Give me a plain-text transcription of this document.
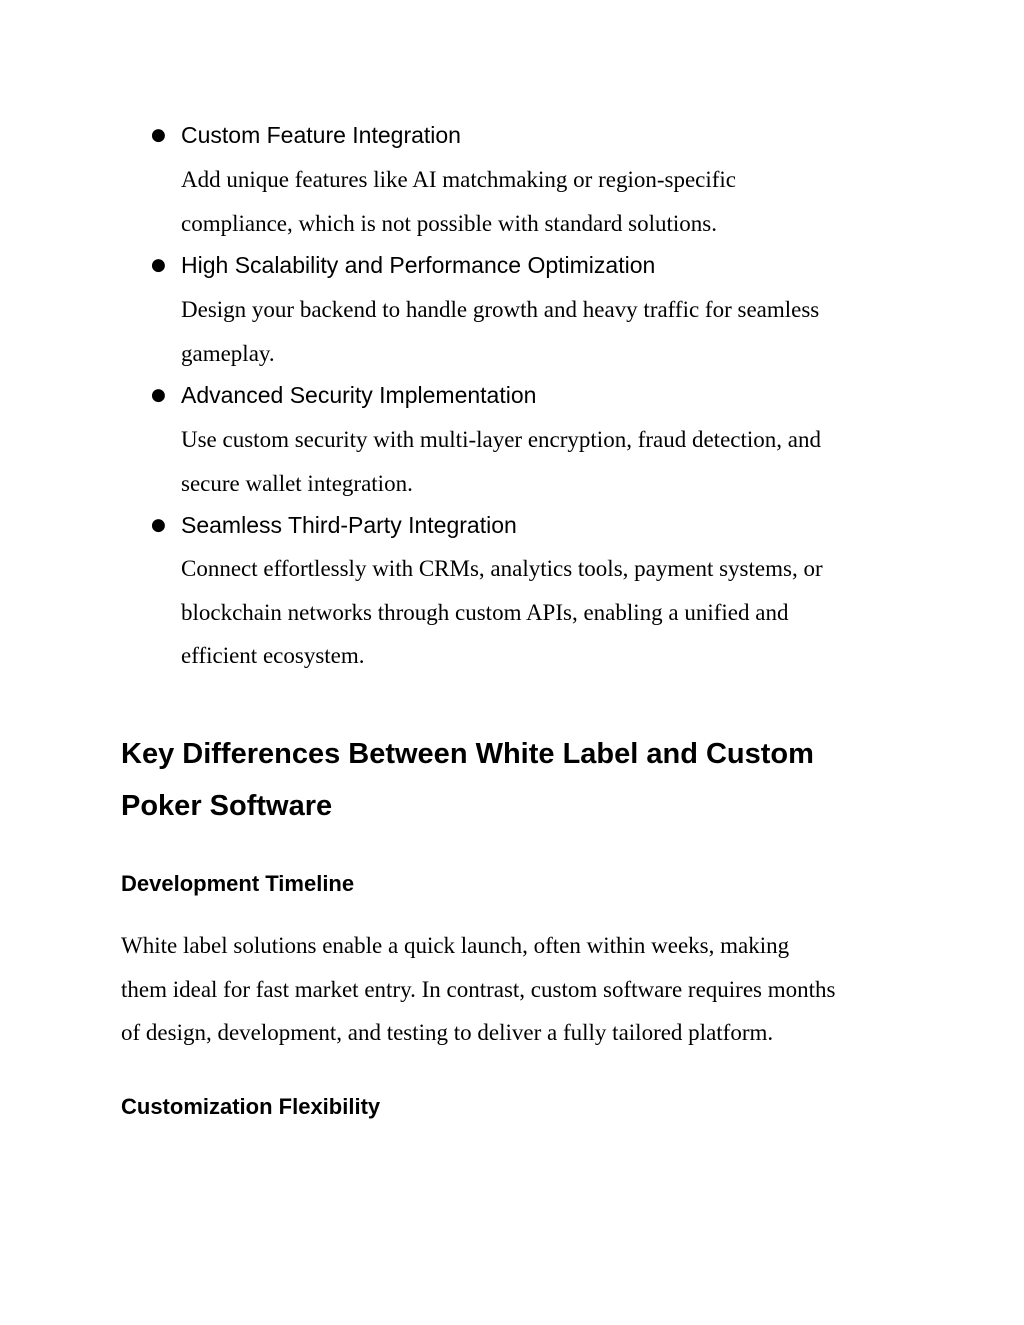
● Custom Feature Integration
Add unique features like AI matchmaking or region-specific
compliance, which is not possible with standard solutions.
● High Scalability and Performance Optimization
Design your backend to handle growth and heavy traffic for seamless
gameplay.
● Advanced Security Implementation
Use custom security with multi-layer encryption, fraud detection, and
secure wallet integration.
● Seamless Third-Party Integration
Connect effortlessly with CRMs, analytics tools, payment systems, or
blockchain networks through custom APIs, enabling a unified and
efficient ecosystem.
Key Differences Between White Label and Custom
Poker Software
Development Timeline
White label solutions enable a quick launch, often within weeks, making
them ideal for fast market entry. In contrast, custom software requires months
of design, development, and testing to deliver a fully tailored platform.
Customization Flexibility
